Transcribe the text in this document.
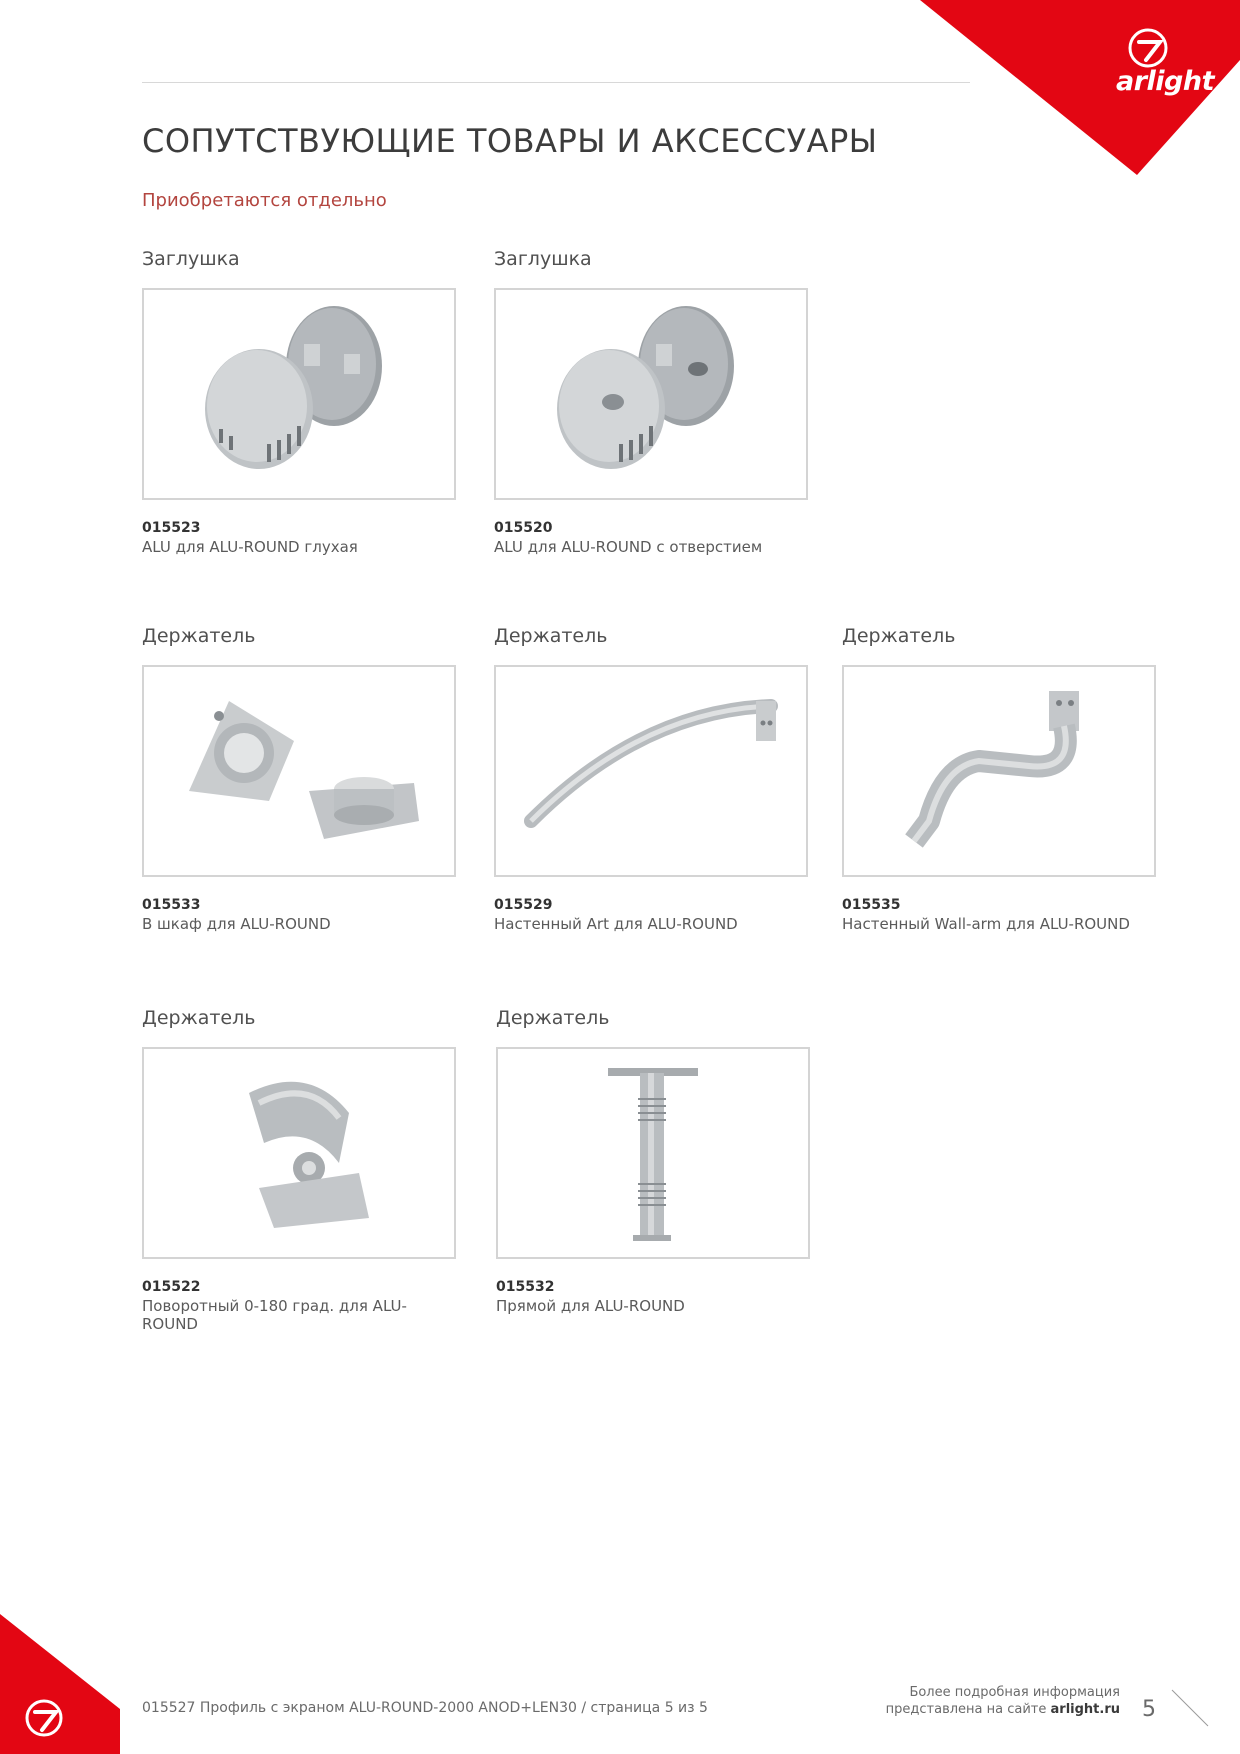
arlight
СОПУТСТВУЮЩИЕ ТОВАРЫ И АКСЕССУАРЫ
Приобретаются отдельно
Заглушка
015523
ALU для ALU-ROUND глухая
Заглушка
015520
ALU для ALU-ROUND с отверстием
Держатель
015533
В шкаф для ALU-ROUND
Держатель
015529
Настенный Art для ALU-ROUND
Держатель
015535
Настенный Wall-arm для ALU-ROUND
Держатель
015522
Поворотный 0-180 град. для ALU-ROUND
Держатель
015532
Прямой для ALU-ROUND
015527 Профиль с экраном ALU-ROUND-2000 ANOD+LEN30 / страница 5 из 5
Более подробная информация
представлена на сайте arlight.ru 5
